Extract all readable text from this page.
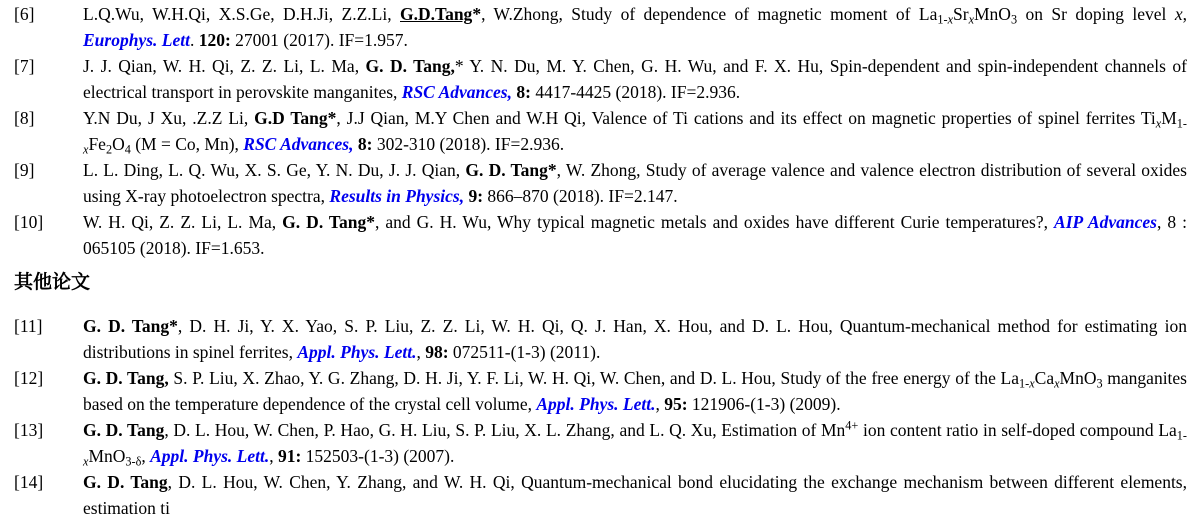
[6]	L.Q.Wu, W.H.Qi, X.S.Ge, D.H.Ji, Z.Z.Li, G.D.Tang*, W.Zhong, Study of dependence of magnetic moment of $La_{1-x}Sr_xMnO_3$ on Sr doping level x, Europhys. Lett. 120: 27001 (2017). IF=1.957.
[7]	J. J. Qian, W. H. Qi, Z. Z. Li, L. Ma, G. D. Tang,* Y. N. Du, M. Y. Chen, G. H. Wu, and F. X. Hu, Spin-dependent and spin-independent channels of electrical transport in perovskite manganites, RSC Advances, 8: 4417-4425 (2018). IF=2.936.
[8]	Y.N Du, J Xu, .Z.Z Li, G.D Tang*, J.J Qian, M.Y Chen and W.H Qi, Valence of Ti cations and its effect on magnetic properties of spinel ferrites $Ti_xM_{1-x}Fe_2O_4$ (M = Co, Mn), RSC Advances, 8: 302-310 (2018). IF=2.936.
[9]	L. L. Ding, L. Q. Wu, X. S. Ge, Y. N. Du, J. J. Qian, G. D. Tang*, W. Zhong, Study of average valence and valence electron distribution of several oxides using X-ray photoelectron spectra, Results in Physics, 9: 866–870 (2018). IF=2.147.
[10] W. H. Qi, Z. Z. Li, L. Ma, G. D. Tang*, and G. H. Wu, Why typical magnetic metals and oxides have different Curie temperatures?, AIP Advances, 8 : 065105 (2018). IF=1.653.
其他论文
[11] G. D. Tang*, D. H. Ji, Y. X. Yao, S. P. Liu, Z. Z. Li, W. H. Qi, Q. J. Han, X. Hou, and D. L. Hou, Quantum-mechanical method for estimating ion distributions in spinel ferrites, Appl. Phys. Lett., 98: 072511-(1-3) (2011).
[12] G. D. Tang, S. P. Liu, X. Zhao, Y. G. Zhang, D. H. Ji, Y. F. Li, W. H. Qi, W. Chen, and D. L. Hou, Study of the free energy of the $La_{1-x}Ca_xMnO_3$ manganites based on the temperature dependence of the crystal cell volume, Appl. Phys. Lett., 95: 121906-(1-3) (2009).
[13] G. D. Tang, D. L. Hou, W. Chen, P. Hao, G. H. Liu, S. P. Liu, X. L. Zhang, and L. Q. Xu, Estimation of $Mn^{4+}$ ion content ratio in self-doped compound $La_{1-x}MnO_{3-\delta}$, Appl. Phys. Lett., 91: 152503-(1-3) (2007).
[14] G. D. Tang, D. L. Hou, W. Chen, Y. Zhang, and W. H. Qi, Quantum-mechanical bond elucidating the exchange mechanism between different elements, estimation ti
